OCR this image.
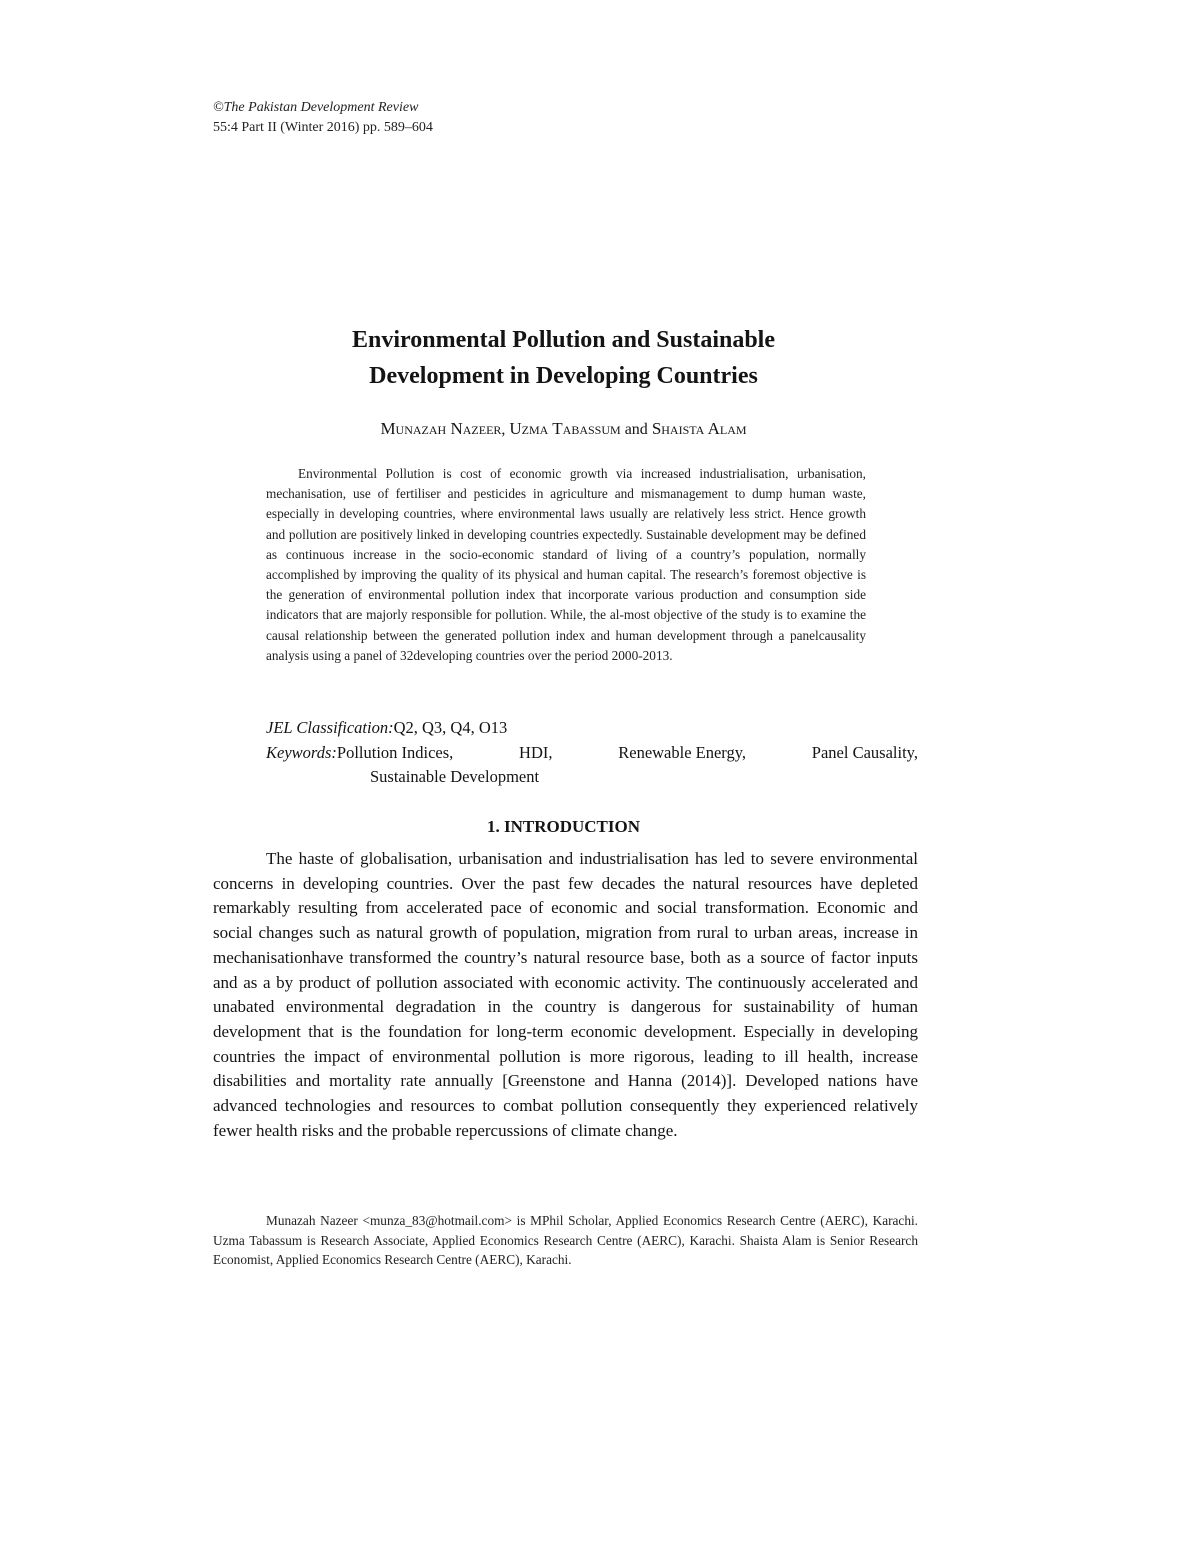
©The Pakistan Development Review
55:4 Part II (Winter 2016) pp. 589–604
Environmental Pollution and Sustainable
Development in Developing Countries
Munazah Nazeer, Uzma Tabassum and Shaista Alam
Environmental Pollution is cost of economic growth via increased industrialisation, urbanisation, mechanisation, use of fertiliser and pesticides in agriculture and mismanagement to dump human waste, especially in developing countries, where environmental laws usually are relatively less strict. Hence growth and pollution are positively linked in developing countries expectedly. Sustainable development may be defined as continuous increase in the socio-economic standard of living of a country’s population, normally accomplished by improving the quality of its physical and human capital. The research’s foremost objective is the generation of environmental pollution index that incorporate various production and consumption side indicators that are majorly responsible for pollution. While, the al-most objective of the study is to examine the causal relationship between the generated pollution index and human development through a panelcausality analysis using a panel of 32developing countries over the period 2000-2013.
JEL Classification:Q2, Q3, Q4, O13
Keywords:Pollution Indices,	HDI,	Renewable Energy,	Panel Causality,
Sustainable Development
1. INTRODUCTION
The haste of globalisation, urbanisation and industrialisation has led to severe environmental concerns in developing countries. Over the past few decades the natural resources have depleted remarkably resulting from accelerated pace of economic and social transformation. Economic and social changes such as natural growth of population, migration from rural to urban areas, increase in mechanisationhave transformed the country’s natural resource base, both as a source of factor inputs and as a by product of pollution associated with economic activity. The continuously accelerated and unabated environmental degradation in the country is dangerous for sustainability of human development that is the foundation for long-term economic development. Especially in developing countries the impact of environmental pollution is more rigorous, leading to ill health, increase disabilities and mortality rate annually [Greenstone and Hanna (2014)]. Developed nations have advanced technologies and resources to combat pollution consequently they experienced relatively fewer health risks and the probable repercussions of climate change.
Munazah Nazeer <munza_83@hotmail.com> is MPhil Scholar, Applied Economics Research Centre (AERC), Karachi. Uzma Tabassum is Research Associate, Applied Economics Research Centre (AERC), Karachi. Shaista Alam is Senior Research Economist, Applied Economics Research Centre (AERC), Karachi.
